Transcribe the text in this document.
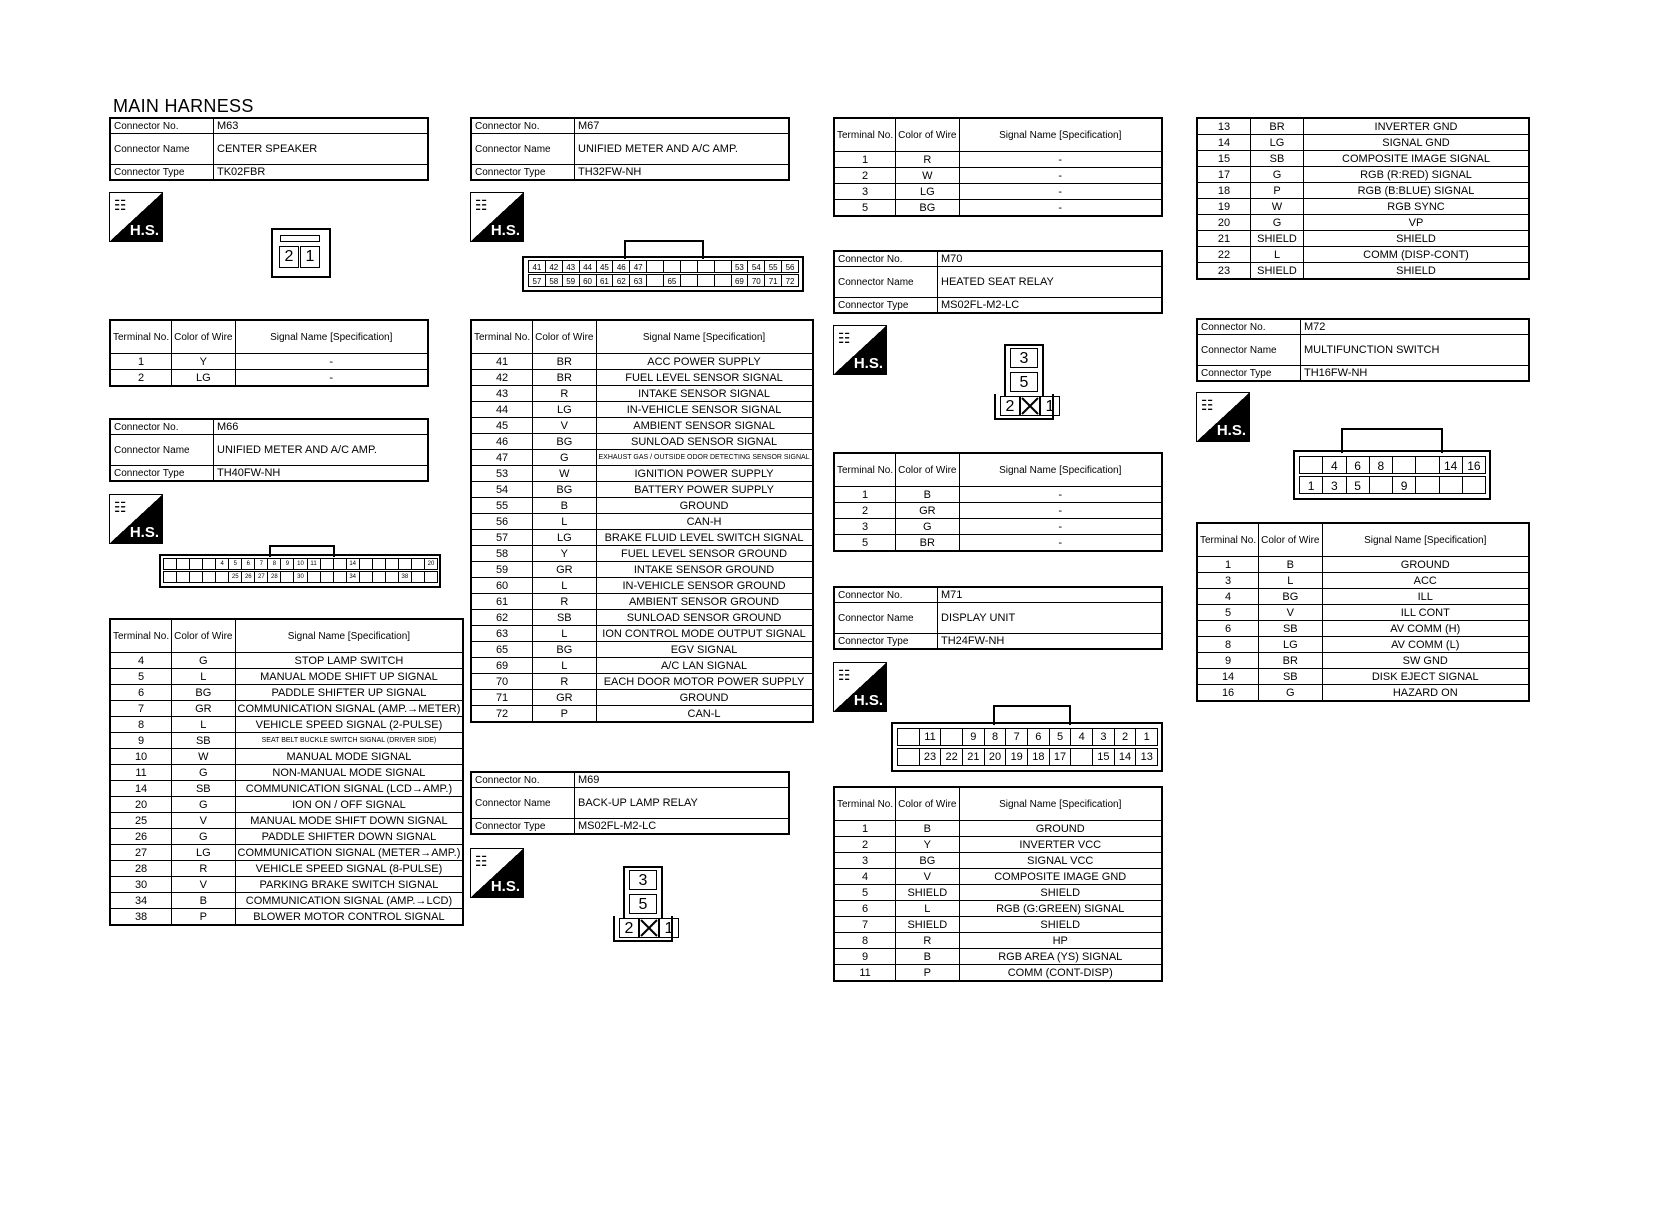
MAIN HARNESS
Connector No.	M63
Connector Name	CENTER SPEAKER
Connector Type	TK02FBR
☷
H.S.
2 1
Terminal No.	Color of Wire	Signal Name [Specification]
1	Y	-
2	LG	-
Connector No.	M66
Connector Name	UNIFIED METER AND A/C AMP.
Connector Type	TH40FW-NH
☷
H.S.
4	5	6	7	8	9	10	11	14	20
25	26	27	28	30	34	38
Terminal No.	Color of Wire	Signal Name [Specification]
4	G	STOP LAMP SWITCH
5	L	MANUAL MODE SHIFT UP SIGNAL
6	BG	PADDLE SHIFTER UP SIGNAL
7	GR	COMMUNICATION SIGNAL (AMP.→METER)
8	L	VEHICLE SPEED SIGNAL (2-PULSE)
9	SB	SEAT BELT BUCKLE SWITCH SIGNAL (DRIVER SIDE)
10	W	MANUAL MODE SIGNAL
11	G	NON-MANUAL MODE SIGNAL
14	SB	COMMUNICATION SIGNAL (LCD→AMP.)
20	G	ION ON / OFF SIGNAL
25	V	MANUAL MODE SHIFT DOWN SIGNAL
26	G	PADDLE SHIFTER DOWN SIGNAL
27	LG	COMMUNICATION SIGNAL (METER→AMP.)
28	R	VEHICLE SPEED SIGNAL (8-PULSE)
30	V	PARKING BRAKE SWITCH SIGNAL
34	B	COMMUNICATION SIGNAL (AMP.→LCD)
38	P	BLOWER MOTOR CONTROL SIGNAL
Connector No.	M67
Connector Name	UNIFIED METER AND A/C AMP.
Connector Type	TH32FW-NH
☷
H.S.
41 42 43 44 45 46 47	53 54 55 56
57 58 59 60 61 62 63	65	69 70 71 72
Terminal No.	Color of Wire	Signal Name [Specification]
41	BR	ACC POWER SUPPLY
42	BR	FUEL LEVEL SENSOR SIGNAL
43	R	INTAKE SENSOR SIGNAL
44	LG	IN-VEHICLE SENSOR SIGNAL
45	V	AMBIENT SENSOR SIGNAL
46	BG	SUNLOAD SENSOR SIGNAL
47	G	EXHAUST GAS / OUTSIDE ODOR DETECTING SENSOR SIGNAL
53	W	IGNITION POWER SUPPLY
54	BG	BATTERY POWER SUPPLY
55	B	GROUND
56	L	CAN-H
57	LG	BRAKE FLUID LEVEL SWITCH SIGNAL
58	Y	FUEL LEVEL SENSOR GROUND
59	GR	INTAKE SENSOR GROUND
60	L	IN-VEHICLE SENSOR GROUND
61	R	AMBIENT SENSOR GROUND
62	SB	SUNLOAD SENSOR GROUND
63	L	ION CONTROL MODE OUTPUT SIGNAL
65	BG	EGV SIGNAL
69	L	A/C LAN SIGNAL
70	R	EACH DOOR MOTOR POWER SUPPLY
71	GR	GROUND
72	P	CAN-L
Connector No.	M69
Connector Name	BACK-UP LAMP RELAY
Connector Type	MS02FL-M2-LC
☷
H.S.	3
5
2	1
Terminal No.	Color of Wire	Signal Name [Specification]
1	R	-
2	W	-
3	LG	-
5	BG	-
Connector No.	M70
Connector Name	HEATED SEAT RELAY
Connector Type	MS02FL-M2-LC
☷
H.S.	3
5
2	1
Terminal No.	Color of Wire	Signal Name [Specification]
1	B	-
2	GR	-
3	G	-
5	BR	-
Connector No.	M71
Connector Name	DISPLAY UNIT
Connector Type	TH24FW-NH
☷
H.S.
11	9	8	7	6	5	4	3	2	1
23 22 21 20 19 18 17	15 14 13
Terminal No.	Color of Wire	Signal Name [Specification]
1	B	GROUND
2	Y	INVERTER VCC
3	BG	SIGNAL VCC
4	V	COMPOSITE IMAGE GND
5	SHIELD	SHIELD
6	L	RGB (G:GREEN) SIGNAL
7	SHIELD	SHIELD
8	R	HP
9	B	RGB AREA (YS) SIGNAL
11	P	COMM (CONT-DISP)
13	BR	INVERTER GND
14	LG	SIGNAL GND
15	SB	COMPOSITE IMAGE SIGNAL
17	G	RGB (R:RED) SIGNAL
18	P	RGB (B:BLUE) SIGNAL
19	W	RGB SYNC
20	G	VP
21	SHIELD	SHIELD
22	L	COMM (DISP-CONT)
23	SHIELD	SHIELD
Connector No.	M72
Connector Name	MULTIFUNCTION SWITCH
Connector Type	TH16FW-NH
☷
H.S.
4	6	8	14 16
1	3	5	9
Terminal No.	Color of Wire	Signal Name [Specification]
1	B	GROUND
3	L	ACC
4	BG	ILL
5	V	ILL CONT
6	SB	AV COMM (H)
8	LG	AV COMM (L)
9	BR	SW GND
14	SB	DISK EJECT SIGNAL
16	G	HAZARD ON
